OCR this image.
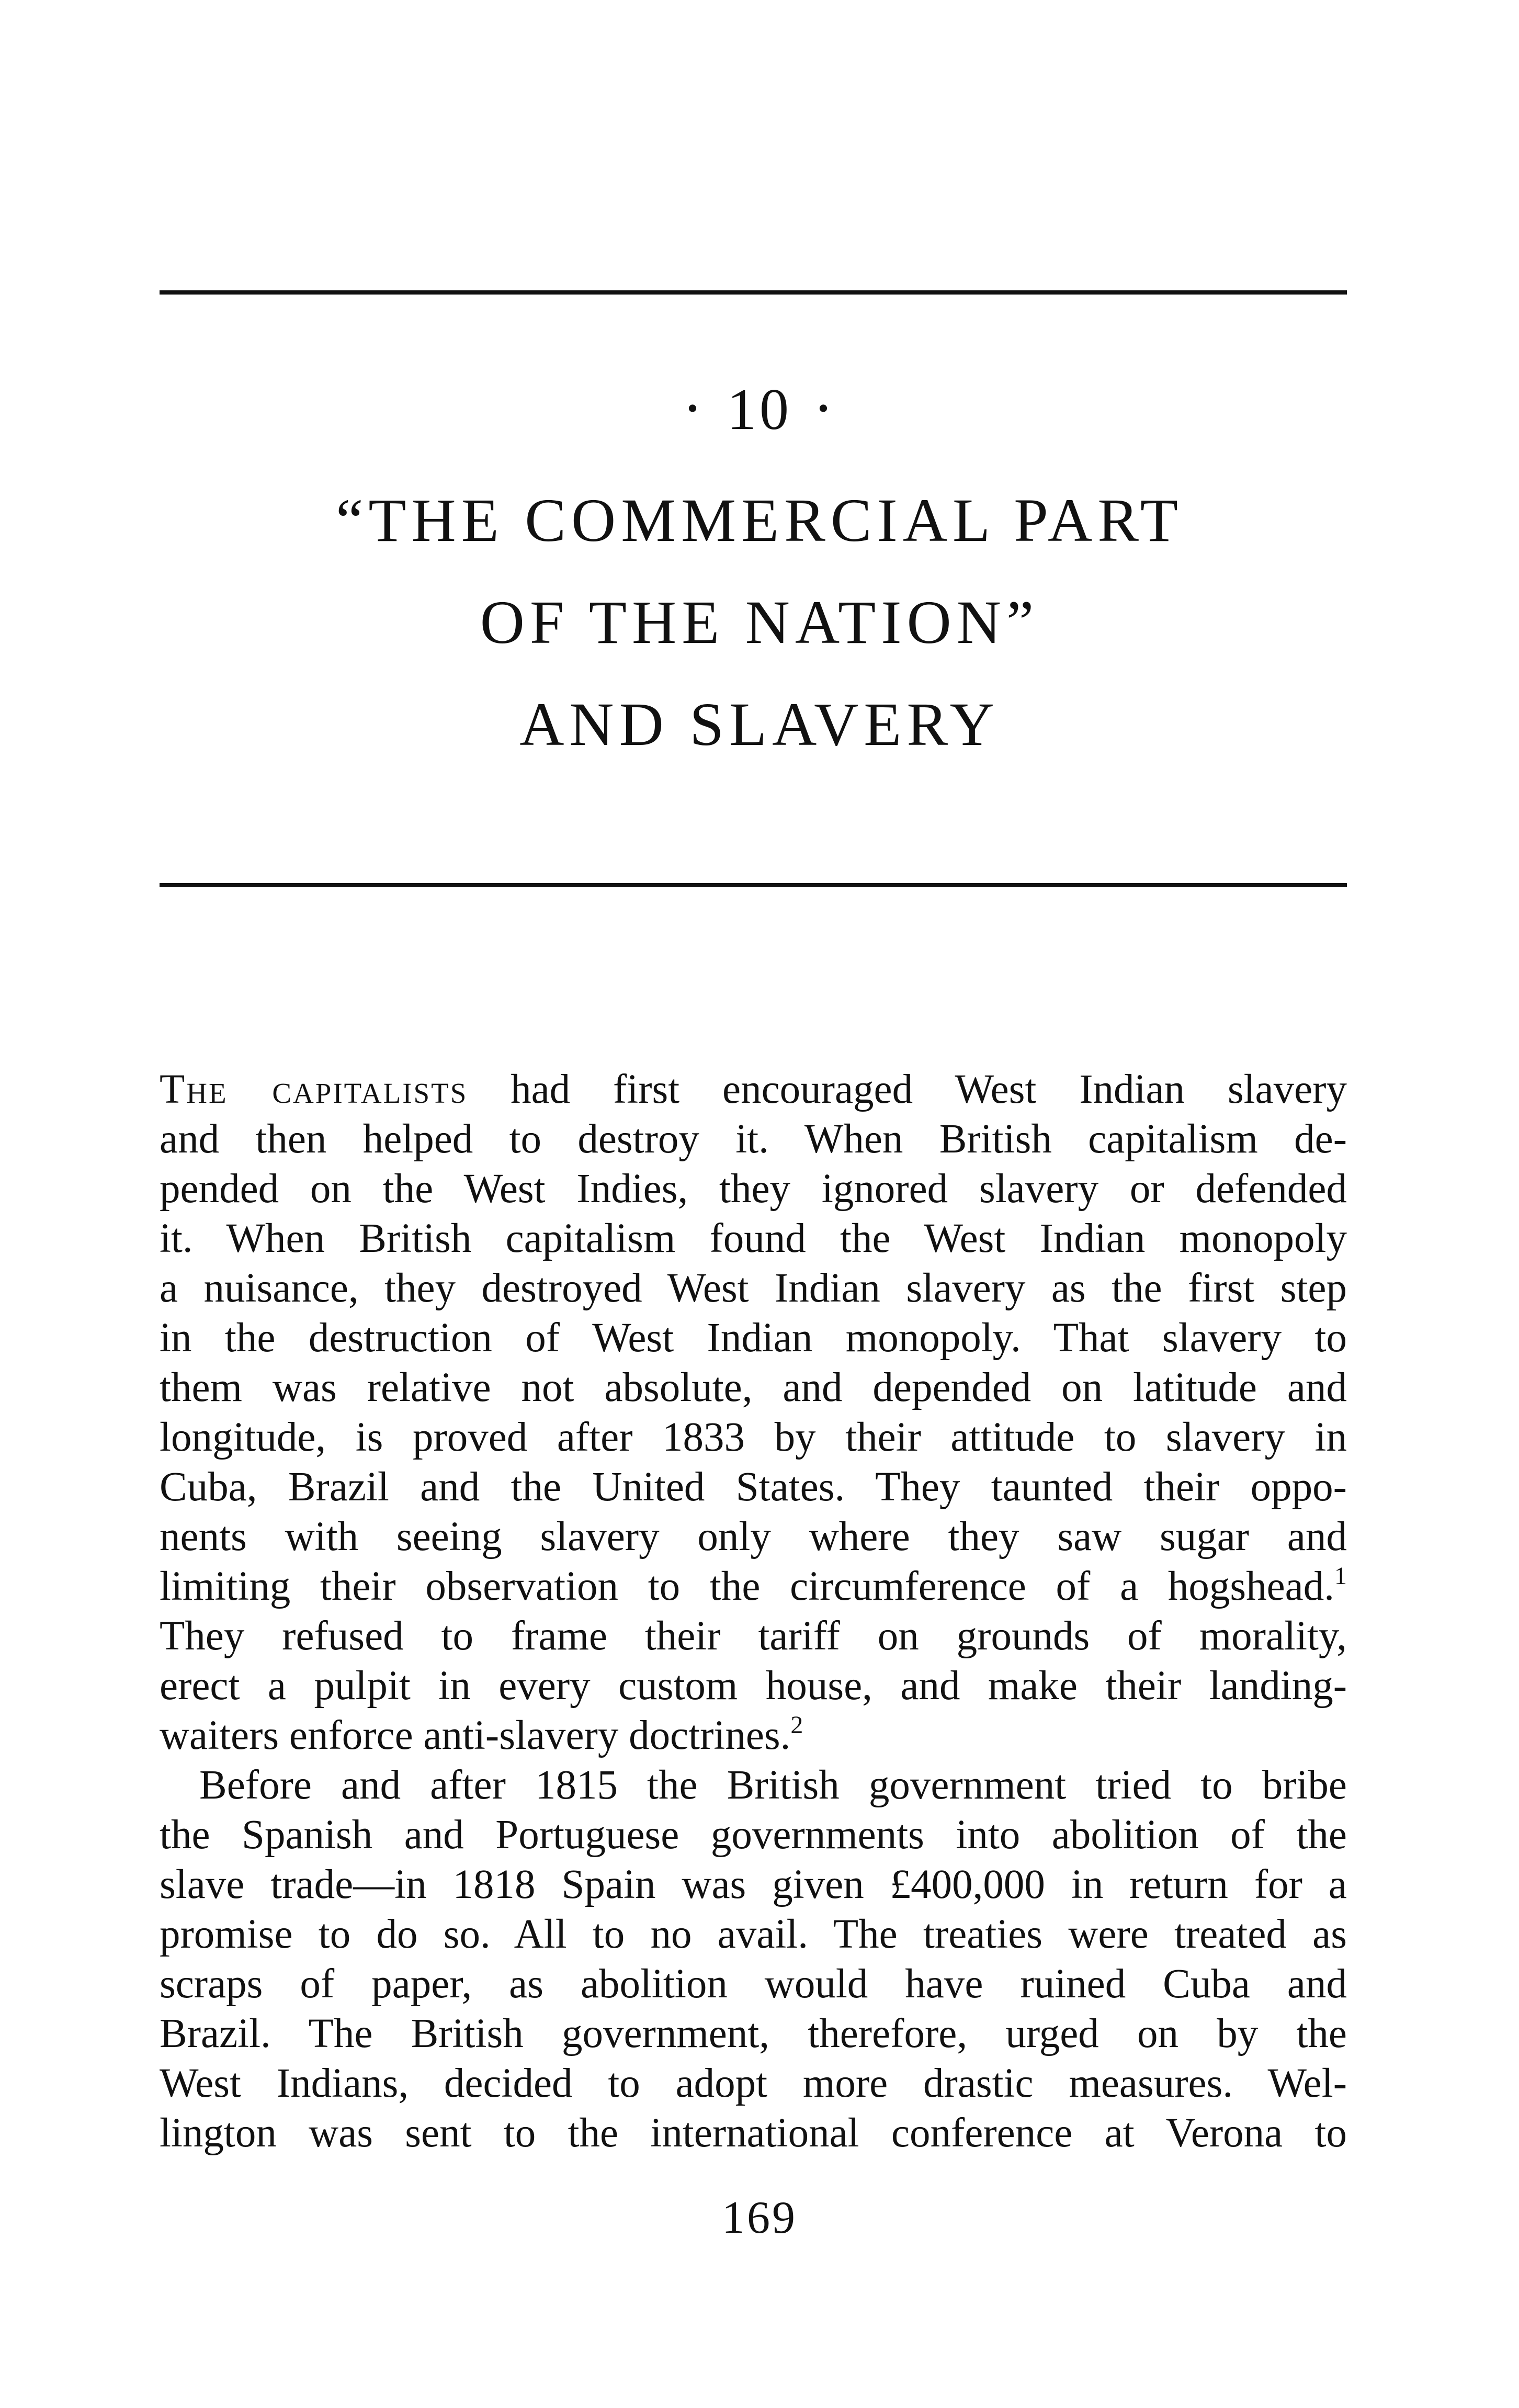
· 10 ·
“THE COMMERCIAL PART
OF THE NATION”
AND SLAVERY
The capitalists had first encouraged West Indian slavery
and then helped to destroy it. When British capitalism de-
pended on the West Indies, they ignored slavery or defended
it. When British capitalism found the West Indian monopoly
a nuisance, they destroyed West Indian slavery as the first step
in the destruction of West Indian monopoly. That slavery to
them was relative not absolute, and depended on latitude and
longitude, is proved after 1833 by their attitude to slavery in
Cuba, Brazil and the United States. They taunted their oppo-
nents with seeing slavery only where they saw sugar and
limiting their observation to the circumference of a hogshead.$^1$
They refused to frame their tariff on grounds of morality,
erect a pulpit in every custom house, and make their landing-
waiters enforce anti-slavery doctrines.$^2$
Before and after 1815 the British government tried to bribe
the Spanish and Portuguese governments into abolition of the
slave trade—in 1818 Spain was given £400,000 in return for a
promise to do so. All to no avail. The treaties were treated as
scraps of paper, as abolition would have ruined Cuba and
Brazil. The British government, therefore, urged on by the
West Indians, decided to adopt more drastic measures. Wel-
lington was sent to the international conference at Verona to
169
